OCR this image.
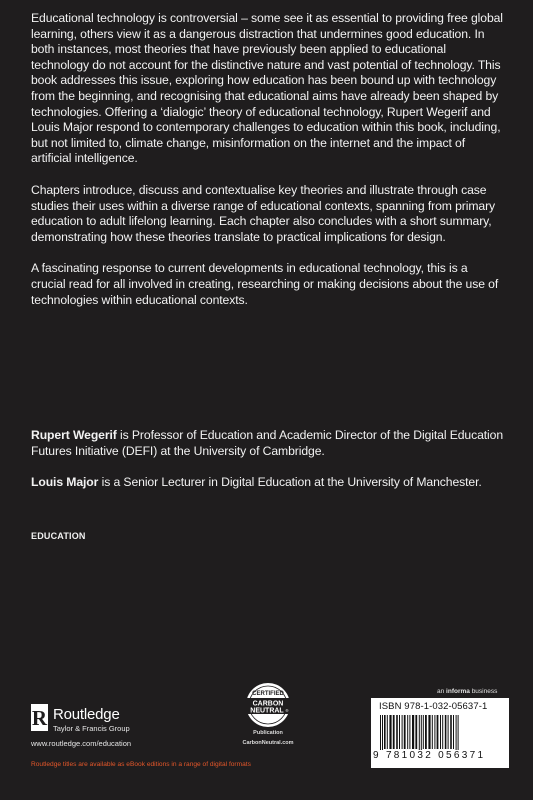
Educational technology is controversial – some see it as essential to providing free global learning, others view it as a dangerous distraction that undermines good education. In both instances, most theories that have previously been applied to educational technology do not account for the distinctive nature and vast potential of technology. This book addresses this issue, exploring how education has been bound up with technology from the beginning, and recognising that educational aims have already been shaped by technologies. Offering a ‘dialogic’ theory of educational technology, Rupert Wegerif and Louis Major respond to contemporary challenges to education within this book, including, but not limited to, climate change, misinformation on the internet and the impact of artificial intelligence.

Chapters introduce, discuss and contextualise key theories and illustrate through case studies their uses within a diverse range of educational contexts, spanning from primary education to adult lifelong learning. Each chapter also concludes with a short summary, demonstrating how these theories translate to practical implications for design.

A fascinating response to current developments in educational technology, this is a crucial read for all involved in creating, researching or making decisions about the use of technologies within educational contexts.

Rupert Wegerif is Professor of Education and Academic Director of the Digital Education Futures Initiative (DEFI) at the University of Cambridge.

Louis Major is a Senior Lecturer in Digital Education at the University of Manchester.

EDUCATION
R Routledge
Taylor & Francis Group
www.routledge.com/education
CERTIFIED
CARBON
NEUTRAL ®
Publication
CarbonNeutral.com
an informa business
ISBN 978-1-032-05637-1
9 781032 056371
Routledge titles are available as eBook editions in a range of digital formats
